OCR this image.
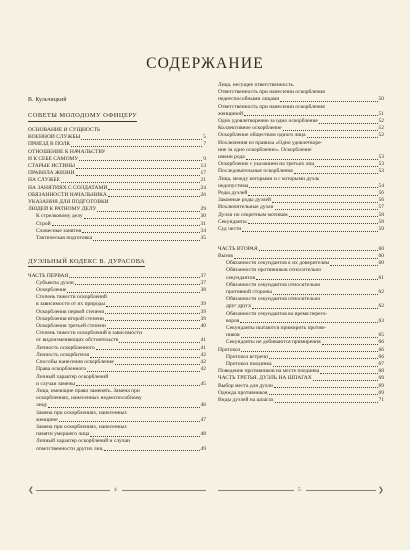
СОДЕРЖАНИЕ
В. Кульчицкий
СОВЕТЫ МОЛОДОМУ ОФИЦЕРУ
ОСНОВАНИЕ И СУЩНОСТЬ
ВОЕННОЙ СЛУЖБЫ	5
ПРИЕЗД В ПОЛК	7
ОТНОШЕНИЕ К НАЧАЛЬСТВУ
И К СЕБЕ САМОМУ	9
СТАРЫЕ ИСТИНЫ	13
ПРАВИЛА ЖИЗНИ	17
НА СЛУЖБЕ	21
НА ЗАНЯТИЯХ С СОЛДАТАМИ	24
ОБЯЗАННОСТИ НАЧАЛЬНИКА	26
УКАЗАНИЯ ДЛЯ ПОДГОТОВКИ
ЛЮДЕЙ К РАТНОМУ ДЕЛУ	29
К стрелковому делу	30
Строй	31
Словесные занятия	34
Тактическая подготовка	35
ДУЭЛЬНЫЙ КОДЕКС В. ДУРАСОВА
ЧАСТЬ ПЕРВАЯ	37
Субъекты дуэли	37
Оскорбление	38
Степень тяжести оскорблений
в зависимости от их природы	39
Оскорбления первой степени	39
Оскорбления второй степени	39
Оскорбления третьей степени	40
Степень тяжести оскорблений в зависимости
от видоизменяющих обстоятельств	41
Личность оскорбленного	41
Личность оскорбителя	42
Способы нанесения оскорбления	42
Права оскорбленного	42
Личный характер оскорблений
и случаи замены	45
Лица, имеющие право заменять. Замена при
оскорблениях, нанесенных недееспособному
лицу	46
Замена при оскорблениях, нанесенных
женщине	47
Замена при оскорблениях, нанесенных
памяти умершего лица	48
Личный характер оскорблений и случаи
ответственности других лиц	49
Лица, несущие ответственность.
Ответственность при нанесении оскорбления
недееспособными лицами	50
Ответственность при нанесении оскорбления
женщиной	51
Одно удовлетворение за одно оскорбление	52
Коллективное оскорбление	52
Оскорбление обществом одного лица	52
Исключения из правила «Одно удовлетворе-
ние за одно оскорбление». Оскорбление
имени рода	53
Оскорбление с указанием на третьих лиц	53
Последовательные оскорбления	53
Лица, между которыми и с которыми дуэль
недопустима	54
Роды дуэлей	56
Законные роды дуэлей	56
Исключительные дуэли	57
Дуэли по секретным мотивам	58
Секунданты	58
Суд чести	59
ЧАСТЬ ВТОРАЯ	60
Вызов	60
Обязанности секундантов к их доверителям	60
Обязанности противников относительно
секундантов	61
Обязанности секундантов относительно
противной стороны	62
Обязанности секундантов относительно
друг друга	62
Обязанности секундантов во время перего-
воров	63
Секунданты пытаются примирить против-
ников	65
Секунданты не добиваются примирения	66
Протокол	66
Протокол встречи	66
Протокол поединка	67
Поведение противников на месте поединка	68
ЧАСТЬ ТРЕТЬЯ. ДУЭЛЬ НА ШПАГАХ	69
Выбор места для дуэли	69
Одежда противников	69
Виды дуэлей на шпагах	71
❮	4	5	❯
